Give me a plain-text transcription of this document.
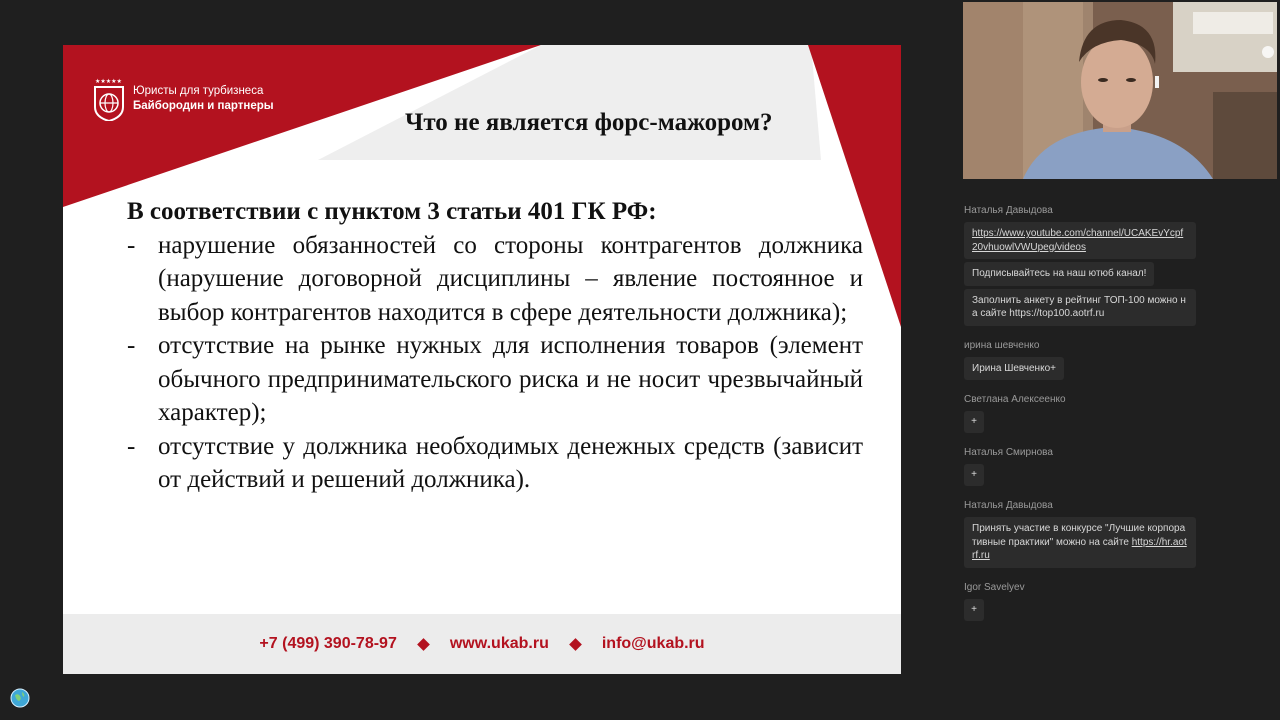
★★★★★
Юристы для турбизнеса
Байбородин и партнеры
Что не является форс-мажором?
В соответствии с пунктом 3 статьи 401 ГК РФ:
- нарушение обязанностей со стороны контрагентов должника (нарушение договорной дисциплины – явление постоянное и выбор контрагентов находится в сфере деятельности должника);
- отсутствие на рынке нужных для исполнения товаров (элемент обычного предпринимательского риска и не носит чрезвычайный характер);
- отсутствие у должника необходимых денежных средств (зависит от действий и решений должника).
+7 (499) 390-78-97	www.ukab.ru	info@ukab.ru
Наталья Давыдова
https://www.youtube.com/channel/UCAKEvYcpf20vhuowlVWUpeg/videos
Подписывайтесь на наш ютюб канал!
Заполнить анкету в рейтинг ТОП-100 можно на сайте https://top100.aotrf.ru
ирина шевченко
Ирина Шевченко+
Светлана Алексеенко
+
Наталья Смирнова
+
Наталья Давыдова
Принять участие в конкурсе "Лучшие корпоративные практики" можно на сайте https://hr.aotrf.ru
Igor Savelyev
+
